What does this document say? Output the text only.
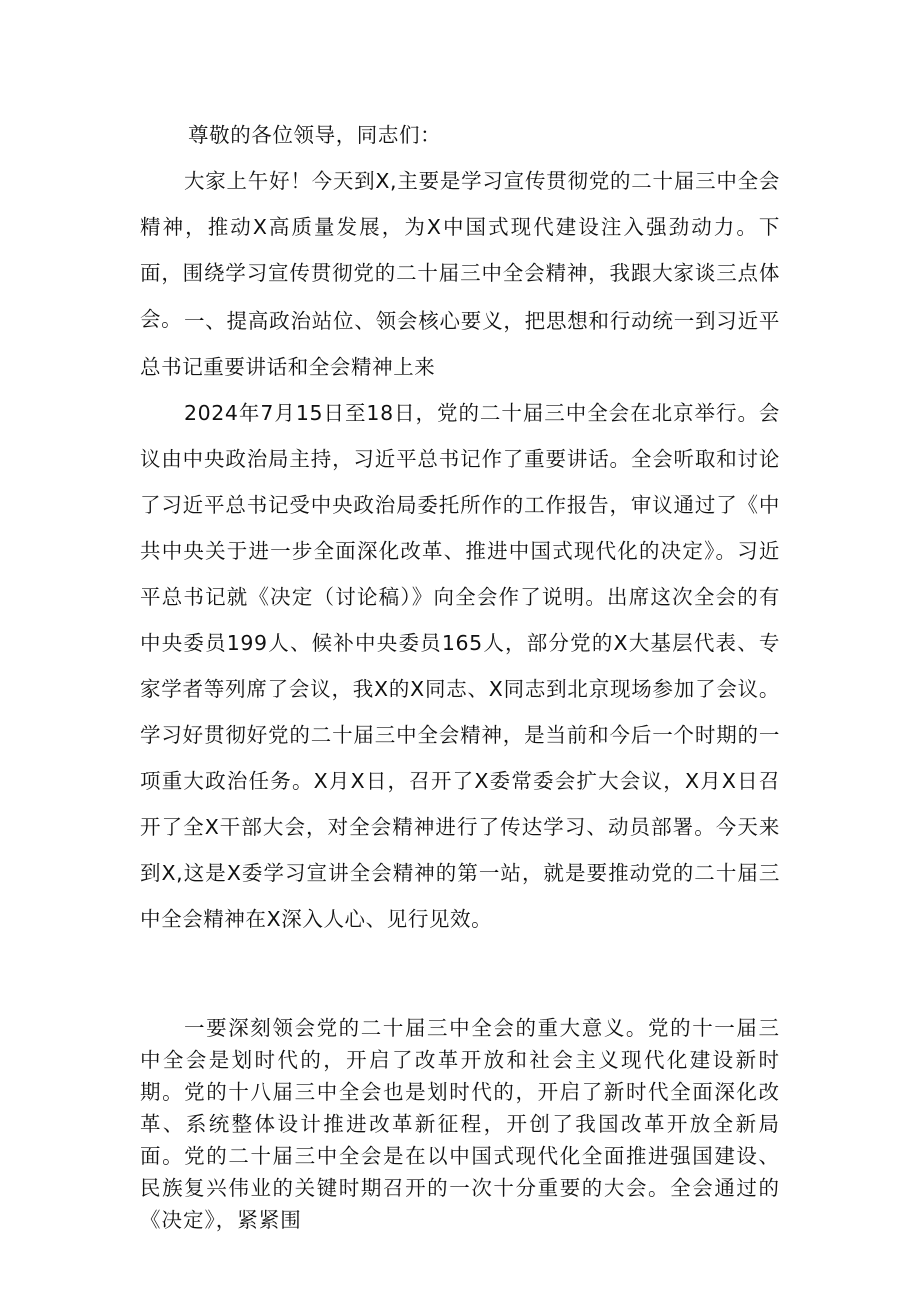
尊敬的各位领导，同志们：

大家上午好！今天到X,主要是学习宣传贯彻党的二十届三中全会精神，推动X高质量发展，为X中国式现代建设注入强劲动力。下面，围绕学习宣传贯彻党的二十届三中全会精神，我跟大家谈三点体会。 一、提高政治站位、领会核心要义，把思想和行动统一到习近平总书记重要讲话和全会精神上来

2024年7月15日至18日，党的二十届三中全会在北京举行。会议由中央政治局主持，习近平总书记作了重要讲话。全会听取和讨论了习近平总书记受中央政治局委托所作的工作报告，审议通过了《中共中央关于进一步全面深化改革、推进中国式现代化的决定》。习近平总书记就《决定（讨论稿）》向全会作了说明。出席这次全会的有中央委员199人、候补中央委员165人，部分党的X大基层代表、专家学者等列席了会议，我X的X同志、X同志到北京现场参加了会议。学习好贯彻好党的二十届三中全会精神，是当前和今后一个时期的一项重大政治任务。X月X日，召开了X委常委会扩大会议，X月X日召开了全X干部大会，对全会精神进行了传达学习、动员部署。今天来到X,这是X委学习宣讲全会精神的第一站，就是要推动党的二十届三中全会精神在X深入人心、见行见效。

一要深刻领会党的二十届三中全会的重大意义。党的十一届三中全会是划时代的，开启了改革开放和社会主义现代化建设新时期。党的十八届三中全会也是划时代的，开启了新时代全面深化改革、系统整体设计推进改革新征程，开创了我国改革开放全新局面。党的二十届三中全会是在以中国式现代化全面推进强国建设、民族复兴伟业的关键时期召开的一次十分重要的大会。全会通过的《决定》，紧紧围
